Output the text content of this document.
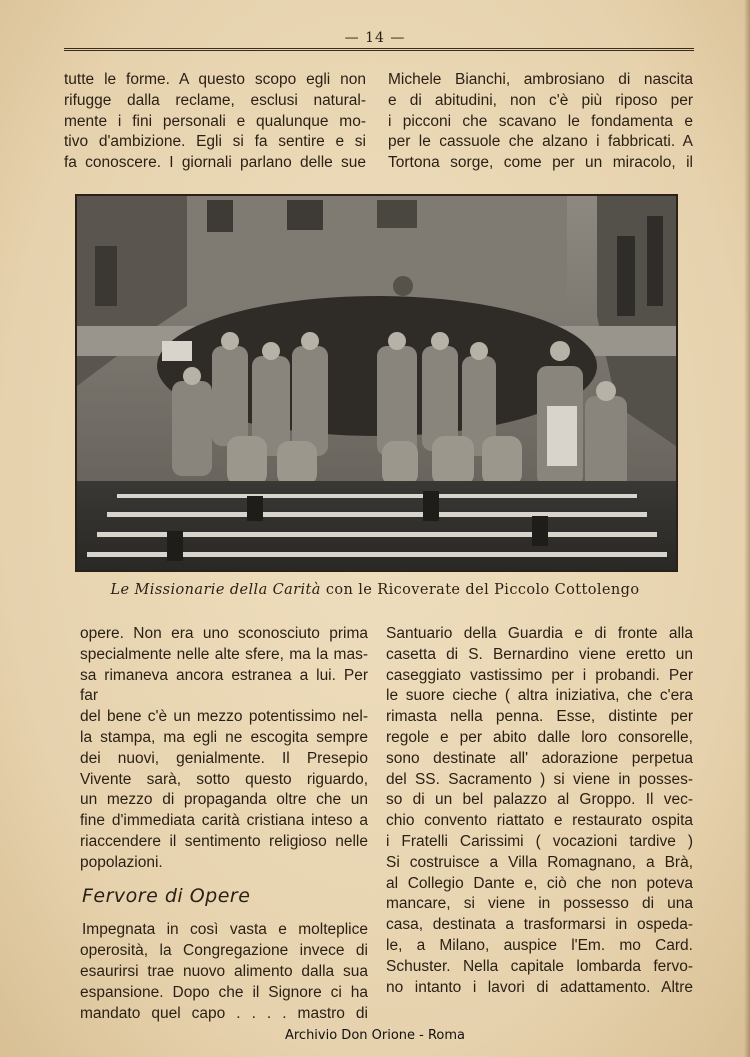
— 14 —

tutte le forme. A questo scopo egli non

rifugge dalla reclame, esclusi natural-

mente i fini personali e qualunque mo-

tivo d'ambizione. Egli si fa sentire e si

fa conoscere. I giornali parlano delle sue

Michele Bianchi, ambrosiano di nascita

e di abitudini, non c'è più riposo per

i picconi che scavano le fondamenta e

per le cassuole che alzano i fabbricati. A

Tortona sorge, come per un miracolo, il

Le Missionarie della Carità con le Ricoverate del Piccolo Cottolengo

opere. Non era uno sconosciuto prima

specialmente nelle alte sfere, ma la mas-

sa rimaneva ancora estranea a lui. Per far

del bene c'è un mezzo potentissimo nel-

la stampa, ma egli ne escogita sempre

dei nuovi, genialmente. Il Presepio

Vivente sarà, sotto questo riguardo,

un mezzo di propaganda oltre che un

fine d'immediata carità cristiana inteso a

riaccendere il sentimento religioso nelle

popolazioni.

Fervore di Opere

Impegnata in così vasta e molteplice

operosità, la Congregazione invece di

esaurirsi trae nuovo alimento dalla sua

espansione. Dopo che il Signore ci ha

mandato quel capo . . . . mastro di

Santuario della Guardia e di fronte alla

casetta di S. Bernardino viene eretto un

caseggiato vastissimo per i probandi. Per

le suore cieche ( altra iniziativa, che c'era

rimasta nella penna. Esse, distinte per

regole e per abito dalle loro consorelle,

sono destinate all' adorazione perpetua

del SS. Sacramento ) si viene in posses-

so di un bel palazzo al Groppo. Il vec-

chio convento riattato e restaurato ospita

i Fratelli Carissimi ( vocazioni tardive )

Si costruisce a Villa Romagnano, a Brà,

al Collegio Dante e, ciò che non poteva

mancare, si viene in possesso di una

casa, destinata a trasformarsi in ospeda-

le, a Milano, auspice l'Em. mo Card.

Schuster. Nella capitale lombarda fervo-

no intanto i lavori di adattamento. Altre

Archivio Don Orione - Roma
